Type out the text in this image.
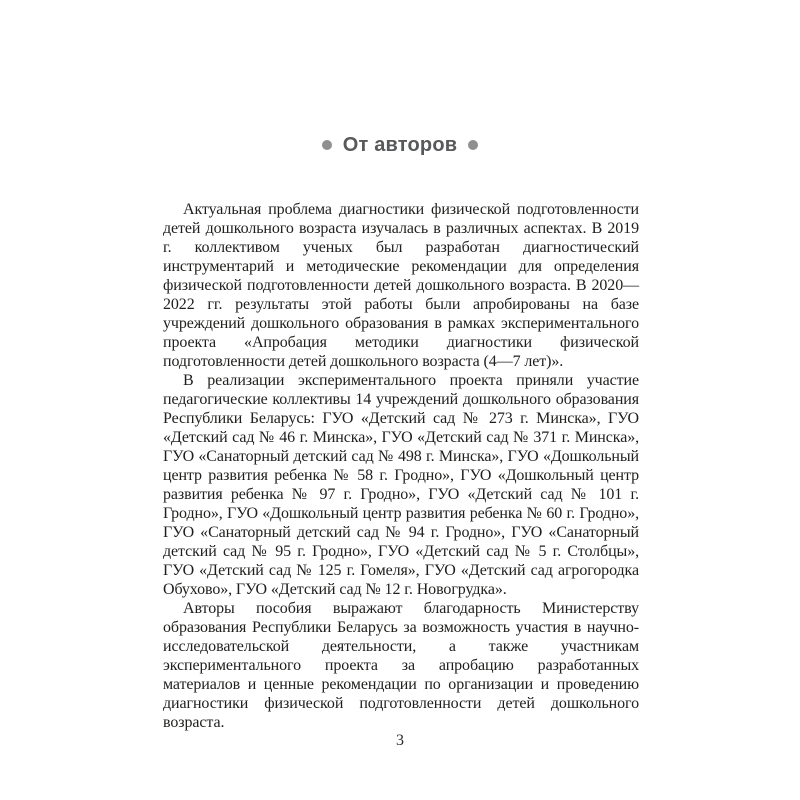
От авторов

Актуальная проблема диагностики физической подготовленности детей дошкольного возраста изучалась в различных аспектах. В 2019 г. коллективом ученых был разработан диагностический инструментарий и методические рекомендации для определения физической подготовленности детей дошкольного возраста. В 2020—2022 гг. результаты этой работы были апробированы на базе учреждений дошкольного образования в рамках экспериментального проекта «Апробация методики диагностики физической подготовленности детей дошкольного возраста (4—7 лет)».

В реализации экспериментального проекта приняли участие педагогические коллективы 14 учреждений дошкольного образования Республики Беларусь: ГУО «Детский сад № 273 г. Минска», ГУО «Детский сад № 46 г. Минска», ГУО «Детский сад № 371 г. Минска», ГУО «Санаторный детский сад № 498 г. Минска», ГУО «Дошкольный центр развития ребенка № 58 г. Гродно», ГУО «Дошкольный центр развития ребенка № 97 г. Гродно», ГУО «Детский сад № 101 г. Гродно», ГУО «Дошкольный центр развития ребенка № 60 г. Гродно», ГУО «Санаторный детский сад № 94 г. Гродно», ГУО «Санаторный детский сад № 95 г. Гродно», ГУО «Детский сад № 5 г. Столбцы», ГУО «Детский сад № 125 г. Гомеля», ГУО «Детский сад агрогородка Обухово», ГУО «Детский сад № 12 г. Новогрудка».

Авторы пособия выражают благодарность Министерству образования Республики Беларусь за возможность участия в научно-исследовательской деятельности, а также участникам экспериментального проекта за апробацию разработанных материалов и ценные рекомендации по организации и проведению диагностики физической подготовленности детей дошкольного возраста.

3
